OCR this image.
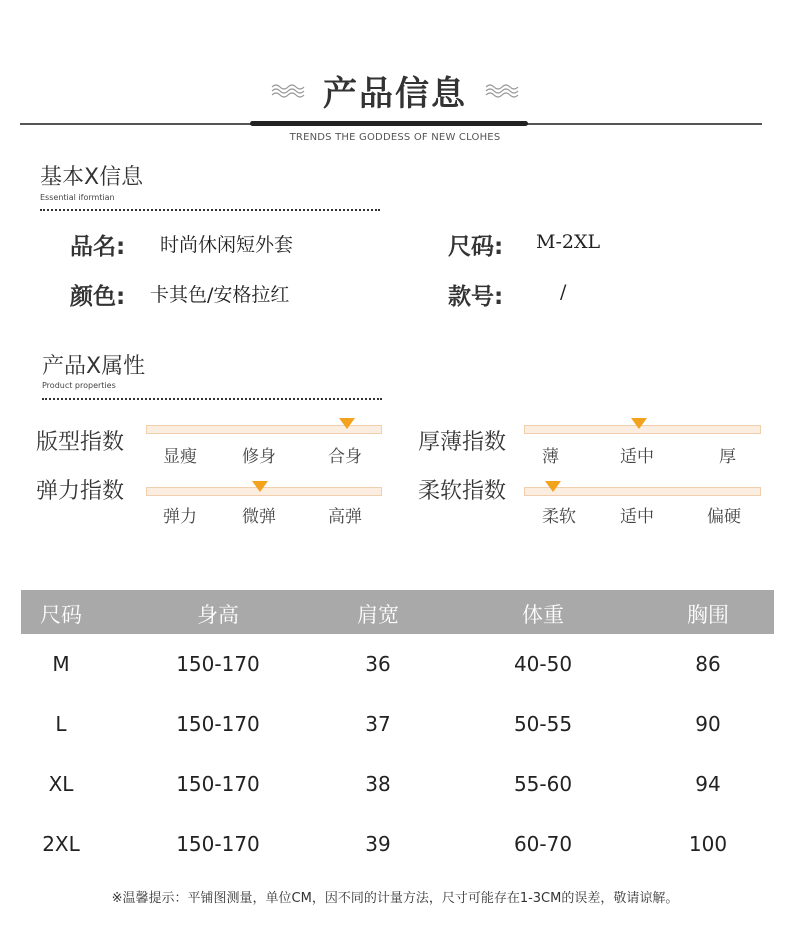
产品信息
TRENDS THE GODDESS OF NEW CLOHES
基本X信息
Essential iformtian
品名: 时尚休闲短外套	尺码: M-2XL
颜色: 卡其色/安格拉红	款号:	/
产品X属性
Product properties
版型指数
显瘦	修身	合身
厚薄指数
薄	适中	厚
弹力指数
弹力	微弹	高弹
柔软指数
柔软	适中	偏硬
尺码	身高	肩宽	体重	胸围
M	150-170	36	40-50	86
L	150-170	37	50-55	90
XL	150-170	38	55-60	94
2XL	150-170	39	60-70	100
※温馨提示：平铺图测量，单位CM，因不同的计量方法，尺寸可能存在1-3CM的误差，敬请谅解。
